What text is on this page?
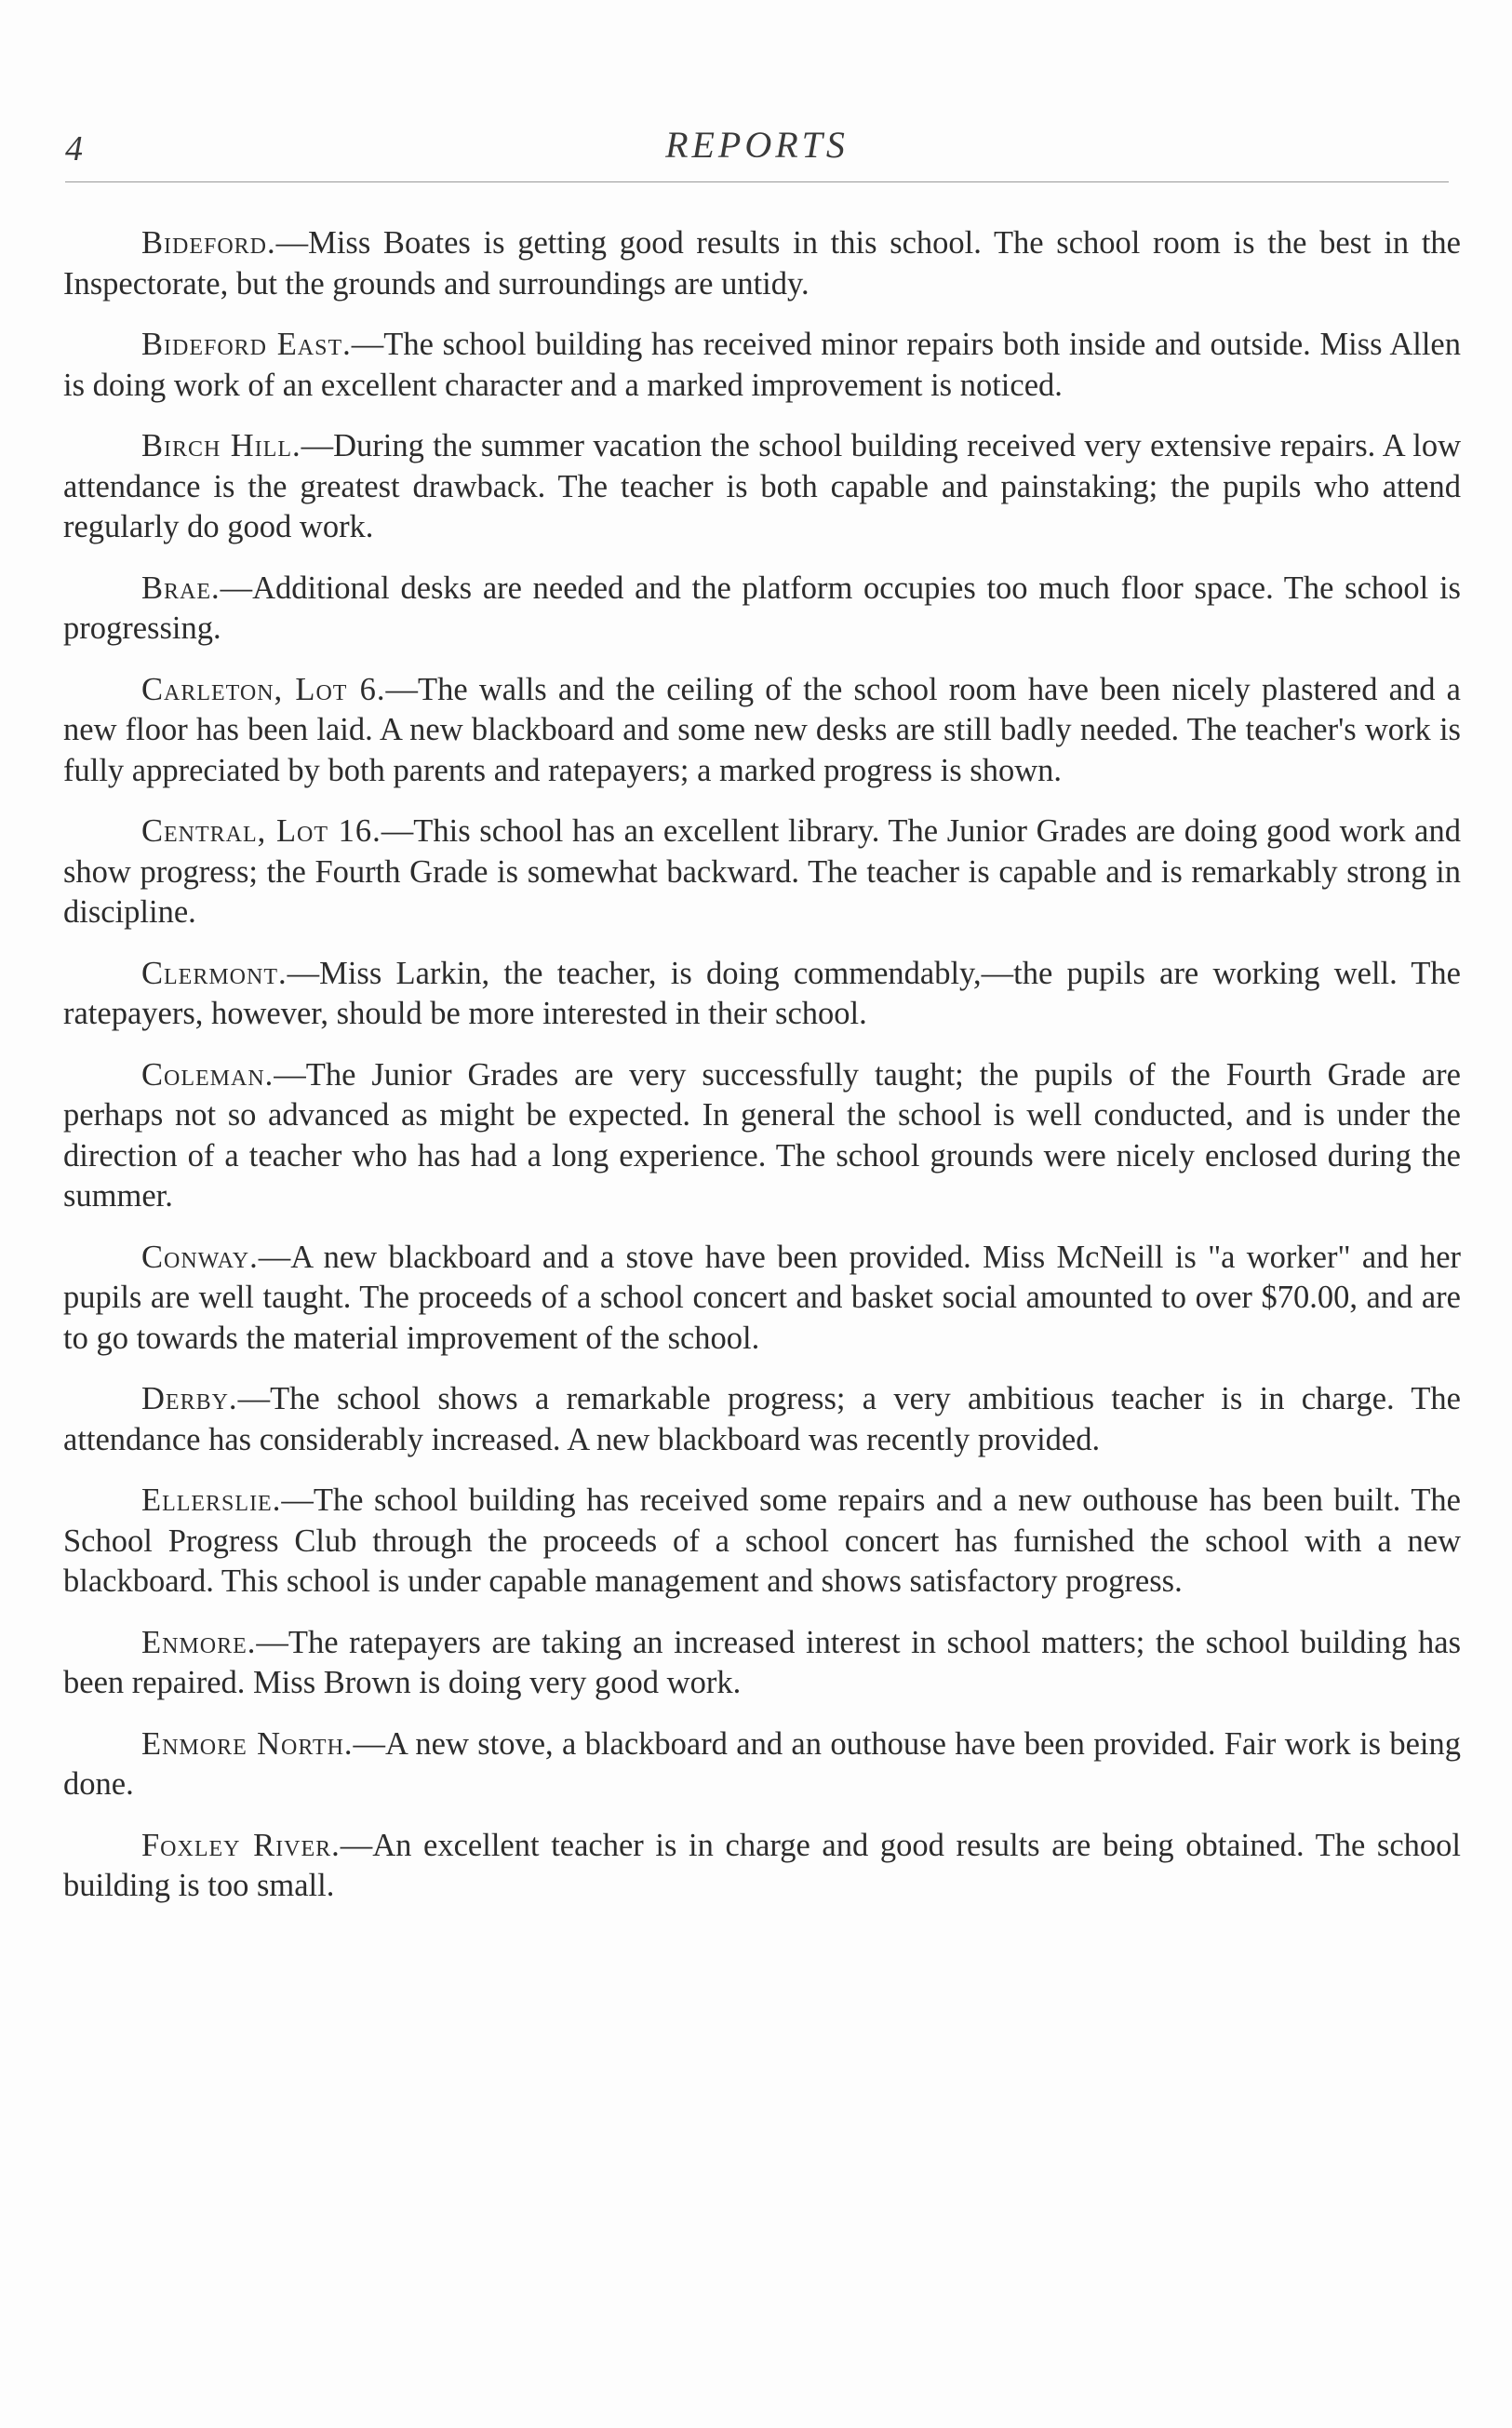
4	REPORTS

Bideford.—Miss Boates is getting good results in this school. The school room is the best in the Inspectorate, but the grounds and surroundings are untidy.

Bideford East.—The school building has received minor repairs both inside and outside. Miss Allen is doing work of an excellent character and a marked improvement is noticed.

Birch Hill.—During the summer vacation the school building received very extensive repairs. A low attendance is the greatest drawback. The teacher is both capable and painstaking; the pupils who attend regularly do good work.

Brae.—Additional desks are needed and the platform occupies too much floor space. The school is progressing.

Carleton, Lot 6.—The walls and the ceiling of the school room have been nicely plastered and a new floor has been laid. A new blackboard and some new desks are still badly needed. The teacher's work is fully appreciated by both parents and ratepayers; a marked progress is shown.

Central, Lot 16.—This school has an excellent library. The Junior Grades are doing good work and show progress; the Fourth Grade is somewhat backward. The teacher is capable and is remarkably strong in discipline.

Clermont.—Miss Larkin, the teacher, is doing commendably,—the pupils are working well. The ratepayers, however, should be more interested in their school.

Coleman.—The Junior Grades are very successfully taught; the pupils of the Fourth Grade are perhaps not so advanced as might be expected. In general the school is well conducted, and is under the direction of a teacher who has had a long experience. The school grounds were nicely enclosed during the summer.

Conway.—A new blackboard and a stove have been provided. Miss McNeill is "a worker" and her pupils are well taught. The proceeds of a school concert and basket social amounted to over $70.00, and are to go towards the material improvement of the school.

Derby.—The school shows a remarkable progress; a very ambitious teacher is in charge. The attendance has considerably increased. A new blackboard was recently provided.

Ellerslie.—The school building has received some repairs and a new outhouse has been built. The School Progress Club through the proceeds of a school concert has furnished the school with a new blackboard. This school is under capable management and shows satisfactory progress.

Enmore.—The ratepayers are taking an increased interest in school matters; the school building has been repaired. Miss Brown is doing very good work.

Enmore North.—A new stove, a blackboard and an outhouse have been provided. Fair work is being done.

Foxley River.—An excellent teacher is in charge and good results are being obtained. The school building is too small.
